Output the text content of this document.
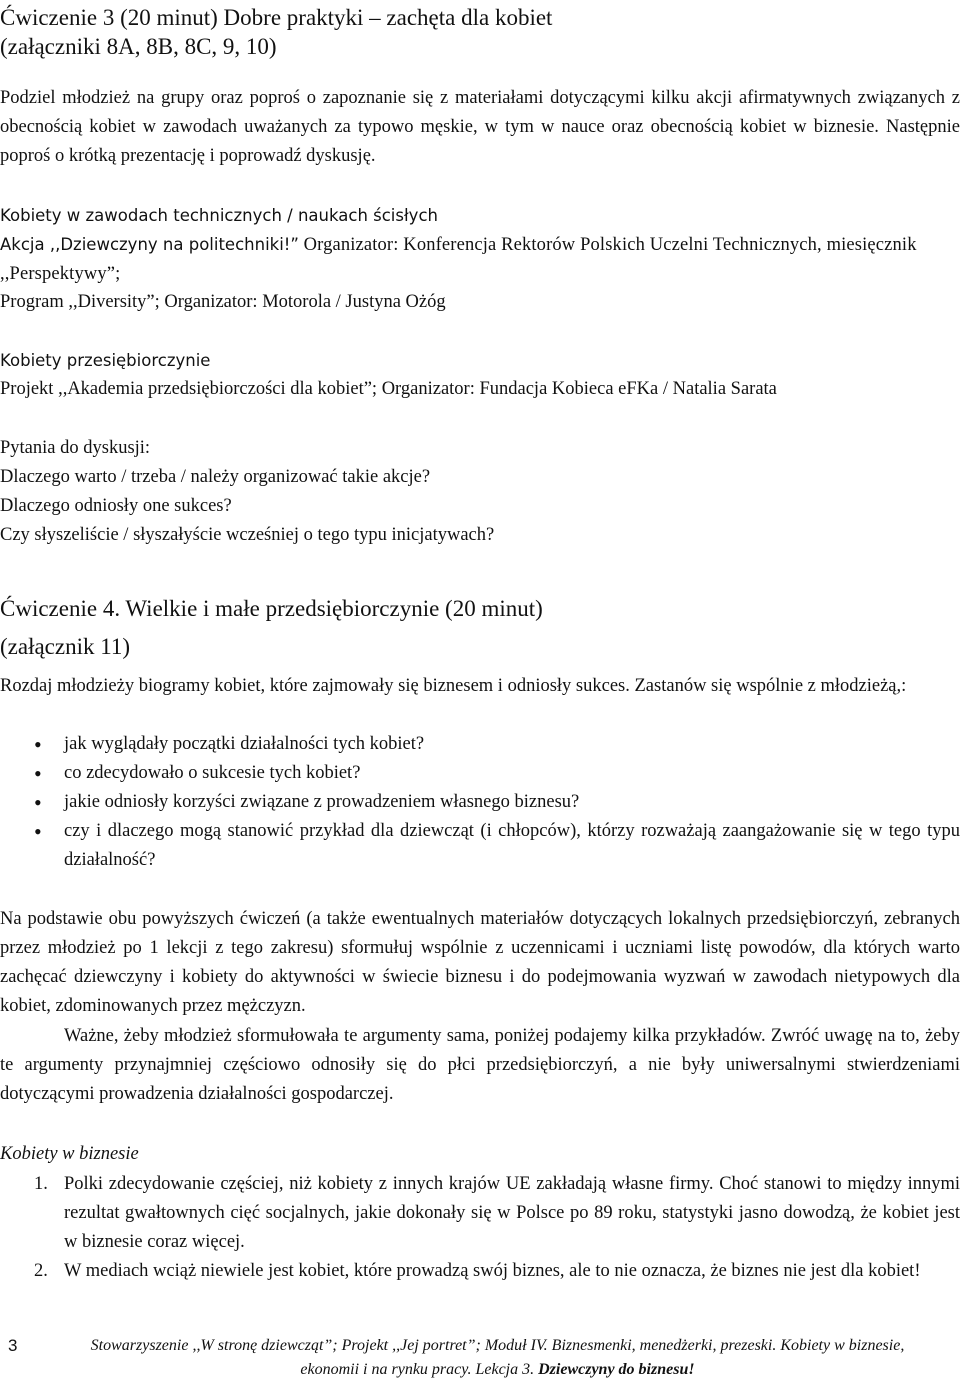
Ćwiczenie 3 (20 minut) Dobre praktyki – zachęta dla kobiet
(załączniki 8A, 8B, 8C, 9, 10)

Podziel młodzież na grupy oraz poproś o zapoznanie się z materiałami dotyczącymi kilku akcji afirmatywnych związanych z obecnością kobiet w zawodach uważanych za typowo męskie, w tym w nauce oraz obecnością kobiet w biznesie. Następnie poproś o krótką prezentację i poprowadź dyskusję.

Kobiety w zawodach technicznych / naukach ścisłych
Akcja ,,Dziewczyny na politechniki!” Organizator: Konferencja Rektorów Polskich Uczelni Technicznych, miesięcznik ,,Perspektywy”;

Program ,,Diversity”; Organizator: Motorola / Justyna Ożóg

Kobiety przesiębiorczynie

Projekt ,,Akademia przedsiębiorczości dla kobiet”; Organizator: Fundacja Kobieca eFKa / Natalia Sarata

Pytania do dyskusji:
Dlaczego warto / trzeba / należy organizować takie akcje?
Dlaczego odniosły one sukces?
Czy słyszeliście / słyszałyście wcześniej o tego typu inicjatywach?
Ćwiczenie 4. Wielkie i małe przedsiębiorczynie (20 minut)
(załącznik 11)

Rozdaj młodzieży biogramy kobiet, które zajmowały się biznesem i odniosły sukces. Zastanów się wspólnie z młodzieżą,:

• jak wyglądały początki działalności tych kobiet?
• co zdecydowało o sukcesie tych kobiet?
• jakie odniosły korzyści związane z prowadzeniem własnego biznesu?
• czy i dlaczego mogą stanowić przykład dla dziewcząt (i chłopców), którzy rozważają zaangażowanie się w tego typu działalność?

Na podstawie obu powyższych ćwiczeń (a także ewentualnych materiałów dotyczących lokalnych przedsiębiorczyń, zebranych przez młodzież po 1 lekcji z tego zakresu) sformułuj wspólnie z uczennicami i uczniami listę powodów, dla których warto zachęcać dziewczyny i kobiety do aktywności w świecie biznesu i do podejmowania wyzwań w zawodach nietypowych dla kobiet, zdominowanych przez mężczyzn.

Ważne, żeby młodzież sformułowała te argumenty sama, poniżej podajemy kilka przykładów. Zwróć uwagę na to, żeby te argumenty przynajmniej częściowo odnosiły się do płci przedsiębiorczyń, a nie były uniwersalnymi stwierdzeniami dotyczącymi prowadzenia działalności gospodarczej.

Kobiety w biznesie
1. Polki zdecydowanie częściej, niż kobiety z innych krajów UE zakładają własne firmy. Choć stanowi to między innymi rezultat gwałtownych cięć socjalnych, jakie dokonały się w Polsce po 89 roku, statystyki jasno dowodzą, że kobiet jest w biznesie coraz więcej.
2. W mediach wciąż niewiele jest kobiet, które prowadzą swój biznes, ale to nie oznacza, że biznes nie jest dla kobiet!
3	Stowarzyszenie ,,W stronę dziewcząt”; Projekt ,,Jej portret”; Moduł IV. Biznesmenki, menedżerki, prezeski. Kobiety w biznesie, ekonomii i na rynku pracy. Lekcja 3. Dziewczyny do biznesu!
